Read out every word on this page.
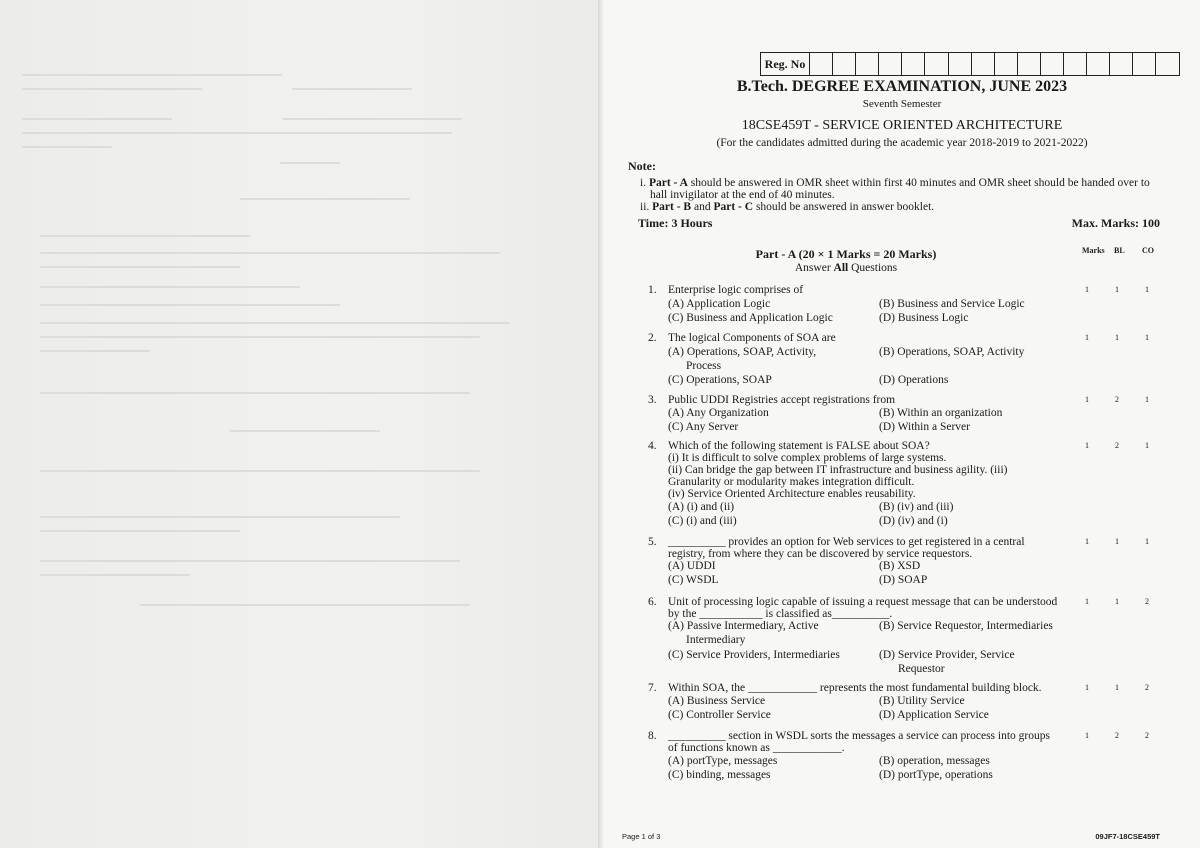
Reg. No
B.Tech. DEGREE EXAMINATION, JUNE 2023
Seventh Semester
18CSE459T - SERVICE ORIENTED ARCHITECTURE
(For the candidates admitted during the academic year 2018-2019 to 2021-2022)
Note:
i. Part - A should be answered in OMR sheet within first 40 minutes and OMR sheet should be handed over to
hall invigilator at the end of 40 minutes.
ii. Part - B and Part - C should be answered in answer booklet.
Time: 3 Hours	Max. Marks: 100
Part - A (20 × 1 Marks = 20 Marks)
Answer All Questions
Marks BL CO
1. Enterprise logic comprises of
(A) Application Logic	(B) Business and Service Logic
(C) Business and Application Logic	(D) Business Logic
1	1	1
2. The logical Components of SOA are
(A) Operations, SOAP, Activity,
Process
(B) Operations, SOAP, Activity
(C) Operations, SOAP	(D) Operations
1	1	1
3. Public UDDI Registries accept registrations from
(A) Any Organization	(B) Within an organization
(C) Any Server	(D) Within a Server
1	2	1
4. Which of the following statement is FALSE about SOA?
(i) It is difficult to solve complex problems of large systems.
(ii) Can bridge the gap between IT infrastructure and business agility. (iii)
Granularity or modularity makes integration difficult.
(iv) Service Oriented Architecture enables reusability.
(A) (i) and (ii)	(B) (iv) and (iii)
(C) (i) and (iii)	(D) (iv) and (i)
1	2	1
5. __________ provides an option for Web services to get registered in a central
registry, from where they can be discovered by service requestors.
(A) UDDI	(B) XSD
(C) WSDL	(D) SOAP
1	1	1
6. Unit of processing logic capable of issuing a request message that can be understood
by the ___________ is classified as__________.
(A) Passive Intermediary, Active
Intermediary
(B) Service Requestor, Intermediaries
(C) Service Providers, Intermediaries	(D) Service Provider, Service
Requestor
1	1	2
7. Within SOA, the ____________ represents the most fundamental building block.
(A) Business Service	(B) Utility Service
(C) Controller Service	(D) Application Service
1	1	2
8. __________ section in WSDL sorts the messages a service can process into groups
of functions known as ____________.
(A) portType, messages	(B) operation, messages
(C) binding, messages	(D) portType, operations
1	2	2
Page 1 of 3	09JF7-18CSE459T
